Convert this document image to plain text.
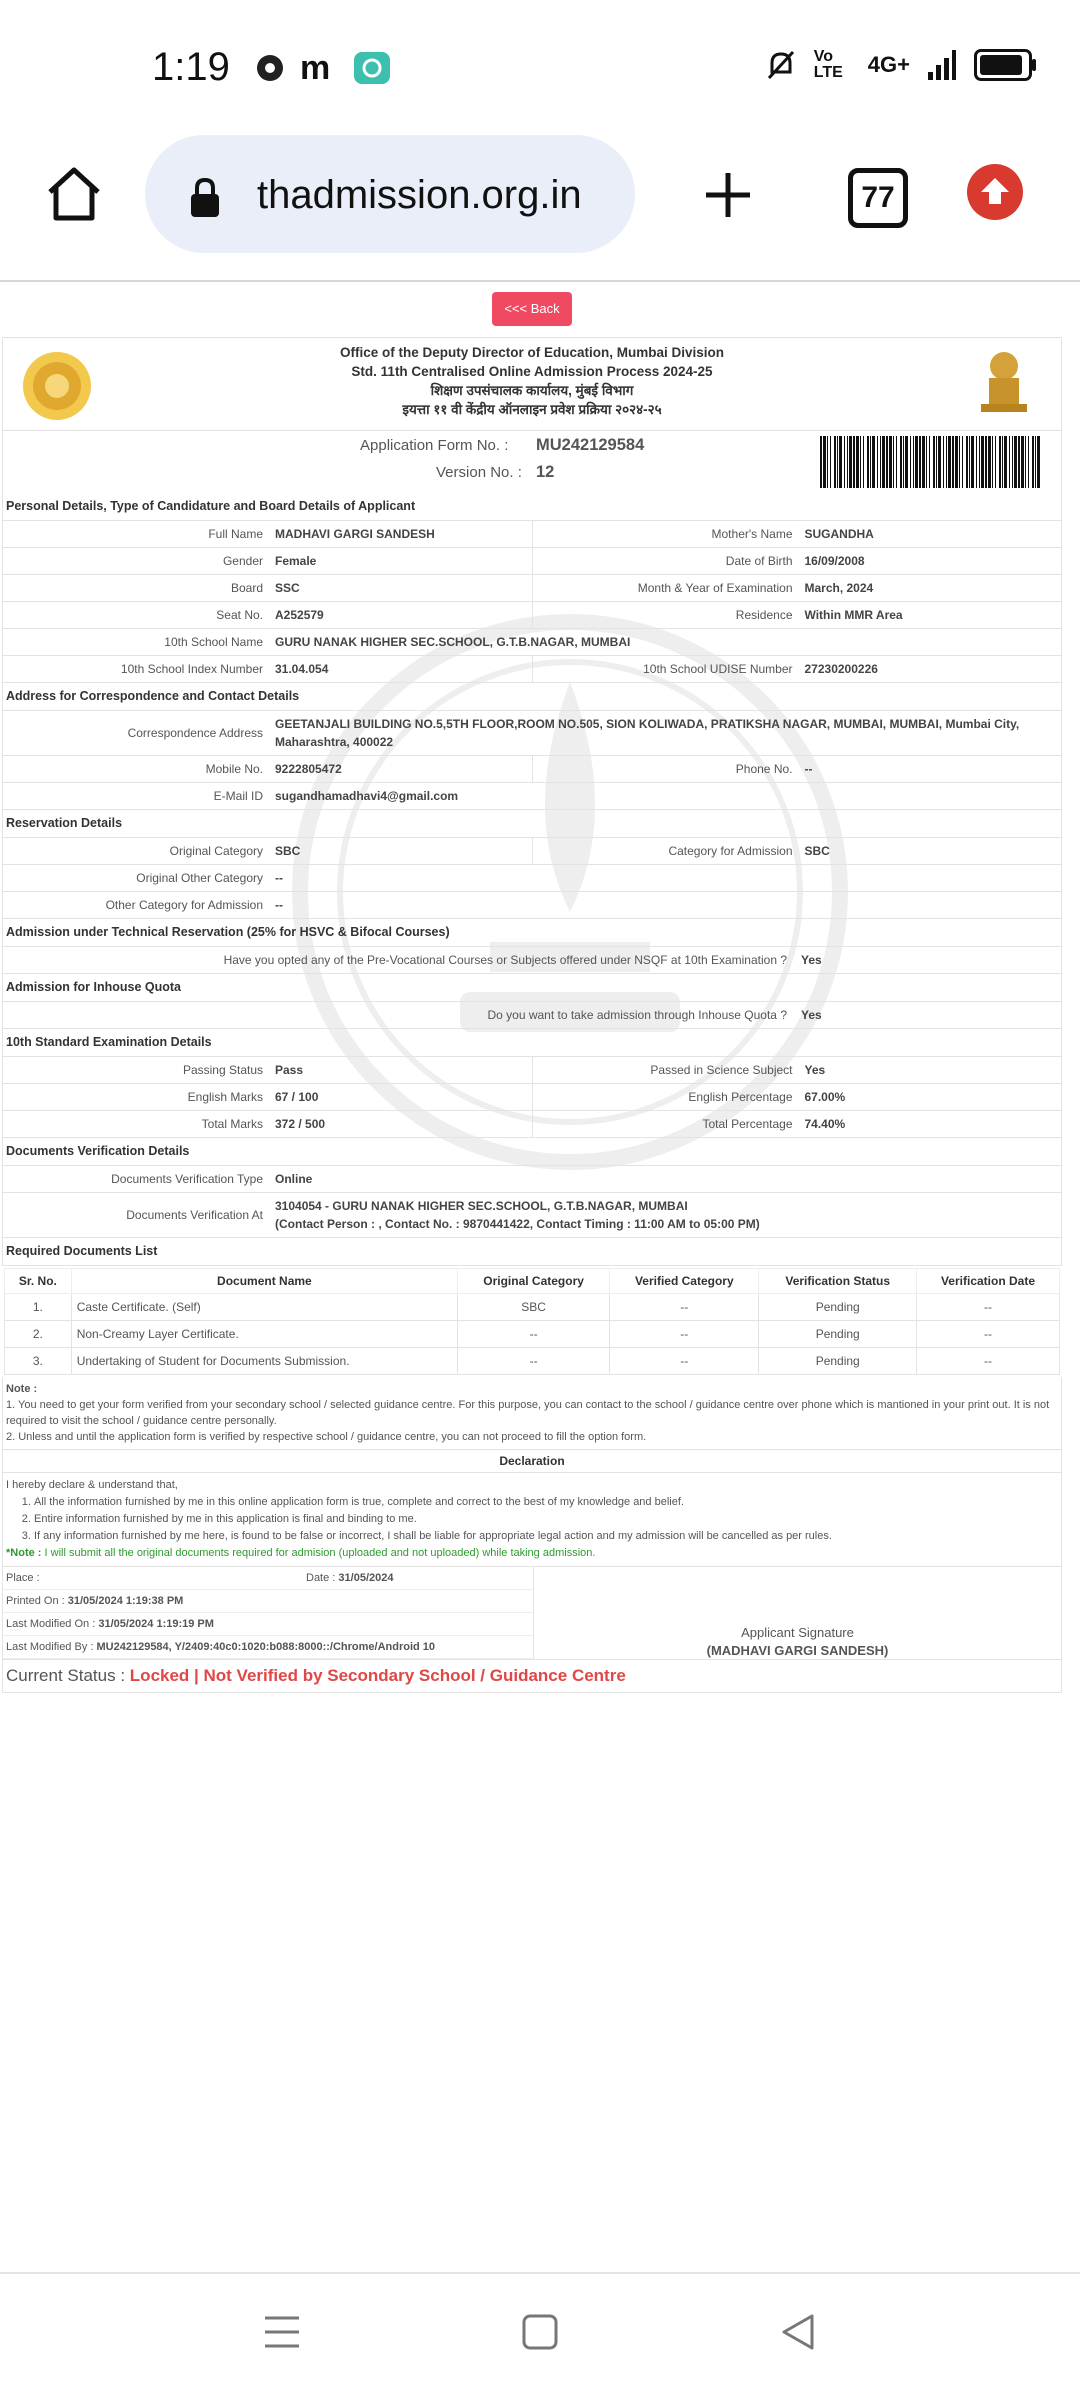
1:19 m	Vo LTE	4G+
thadmission.org.in	77
<<< Back
Office of the Deputy Director of Education, Mumbai Division
Std. 11th Centralised Online Admission Process 2024-25
शिक्षण उपसंचालक कार्यालय, मुंबई विभाग
इयत्ता ११ वी केंद्रीय ऑनलाइन प्रवेश प्रक्रिया २०२४-२५
Application Form No. : MU242129584
Version No. : 12
Personal Details, Type of Candidature and Board Details of Applicant
Full Name	MADHAVI GARGI SANDESH	Mother's Name	SUGANDHA
Gender	Female	Date of Birth	16/09/2008
Board	SSC	Month & Year of Examination	March, 2024
Seat No.	A252579	Residence	Within MMR Area
10th School Name	GURU NANAK HIGHER SEC.SCHOOL, G.T.B.NAGAR, MUMBAI
10th School Index Number	31.04.054	10th School UDISE Number	27230200226
Address for Correspondence and Contact Details
Correspondence Address
GEETANJALI BUILDING NO.5,5TH FLOOR,ROOM NO.505, SION KOLIWADA, PRATIKSHA NAGAR, MUMBAI, MUMBAI, Mumbai City, Maharashtra, 400022
Mobile No.	9222805472	Phone No.	--
E-Mail ID	sugandhamadhavi4@gmail.com
Reservation Details
Original Category	SBC	Category for Admission	SBC
Original Other Category	--
Other Category for Admission	--
Admission under Technical Reservation (25% for HSVC & Bifocal Courses)
Have you opted any of the Pre-Vocational Courses or Subjects offered under NSQF at 10th Examination ?	Yes
Admission for Inhouse Quota
Do you want to take admission through Inhouse Quota ?	Yes
10th Standard Examination Details
Passing Status	Pass	Passed in Science Subject	Yes
English Marks	67 / 100	English Percentage	67.00%
Total Marks	372 / 500	Total Percentage	74.40%
Documents Verification Details
Documents Verification Type	Online
Documents Verification At
3104054 - GURU NANAK HIGHER SEC.SCHOOL, G.T.B.NAGAR, MUMBAI
(Contact Person : , Contact No. : 9870441422, Contact Timing : 11:00 AM to 05:00 PM)
Required Documents List
Sr. No.	Document Name	Original Category	Verified Category	Verification Status	Verification Date
1.	Caste Certificate. (Self)	SBC	--	Pending	--
2.	Non-Creamy Layer Certificate.	--	--	Pending	--
3.	Undertaking of Student for Documents Submission.	--	--	Pending	--
Note :
1. You need to get your form verified from your secondary school / selected guidance centre. For this purpose, you can contact to the school / guidance centre over phone which is mantioned in your print out. It is not required to visit the school / guidance centre personally.
2. Unless and until the application form is verified by respective school / guidance centre, you can not proceed to fill the option form.
Declaration
I hereby declare & understand that,
1. All the information furnished by me in this online application form is true, complete and correct to the best of my knowledge and belief.
2. Entire information furnished by me in this application is final and binding to me.
3. If any information furnished by me here, is found to be false or incorrect, I shall be liable for appropriate legal action and my admission will be cancelled as per rules.
*Note : I will submit all the original documents required for admision (uploaded and not uploaded) while taking admission.
Place :	Date :
31/05/2024
Printed On : 31/05/2024 1:19:38 PM
Last Modified On : 31/05/2024 1:19:19 PM
Last Modified By : MU242129584, Y/2409:40c0:1020:b088:8000::/Chrome/Android 10
Applicant Signature
(MADHAVI GARGI SANDESH)
Current Status : Locked | Not Verified by Secondary School / Guidance Centre
